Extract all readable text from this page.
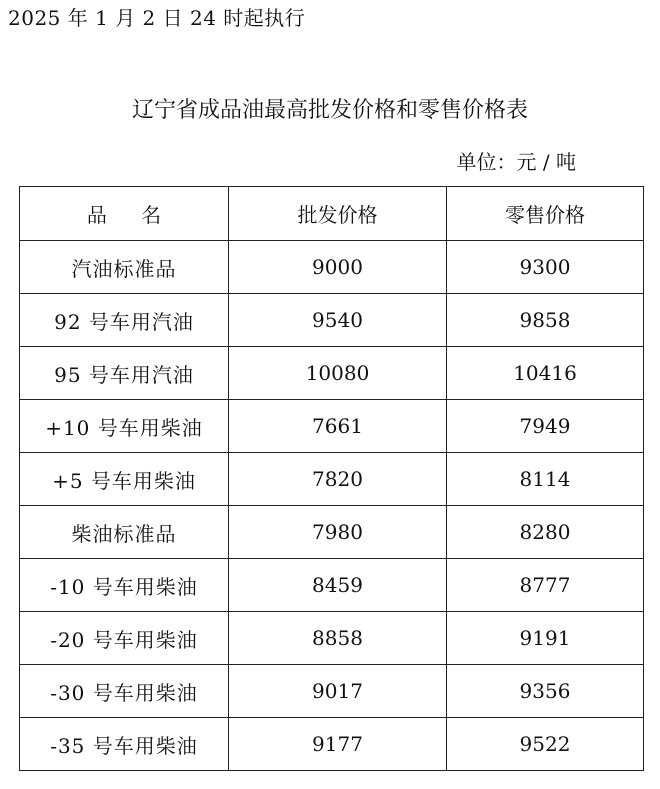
2025 年 1 月 2 日 24 时起执行
辽宁省成品油最高批发价格和零售价格表
单位：元 / 吨
品 名	批发价格	零售价格
汽油标准品	9000	9300
92 号车用汽油	9540	9858
95 号车用汽油	10080	10416
+10 号车用柴油	7661	7949
+5 号车用柴油	7820	8114
柴油标准品	7980	8280
-10 号车用柴油	8459	8777
-20 号车用柴油	8858	9191
-30 号车用柴油	9017	9356
-35 号车用柴油	9177	9522
